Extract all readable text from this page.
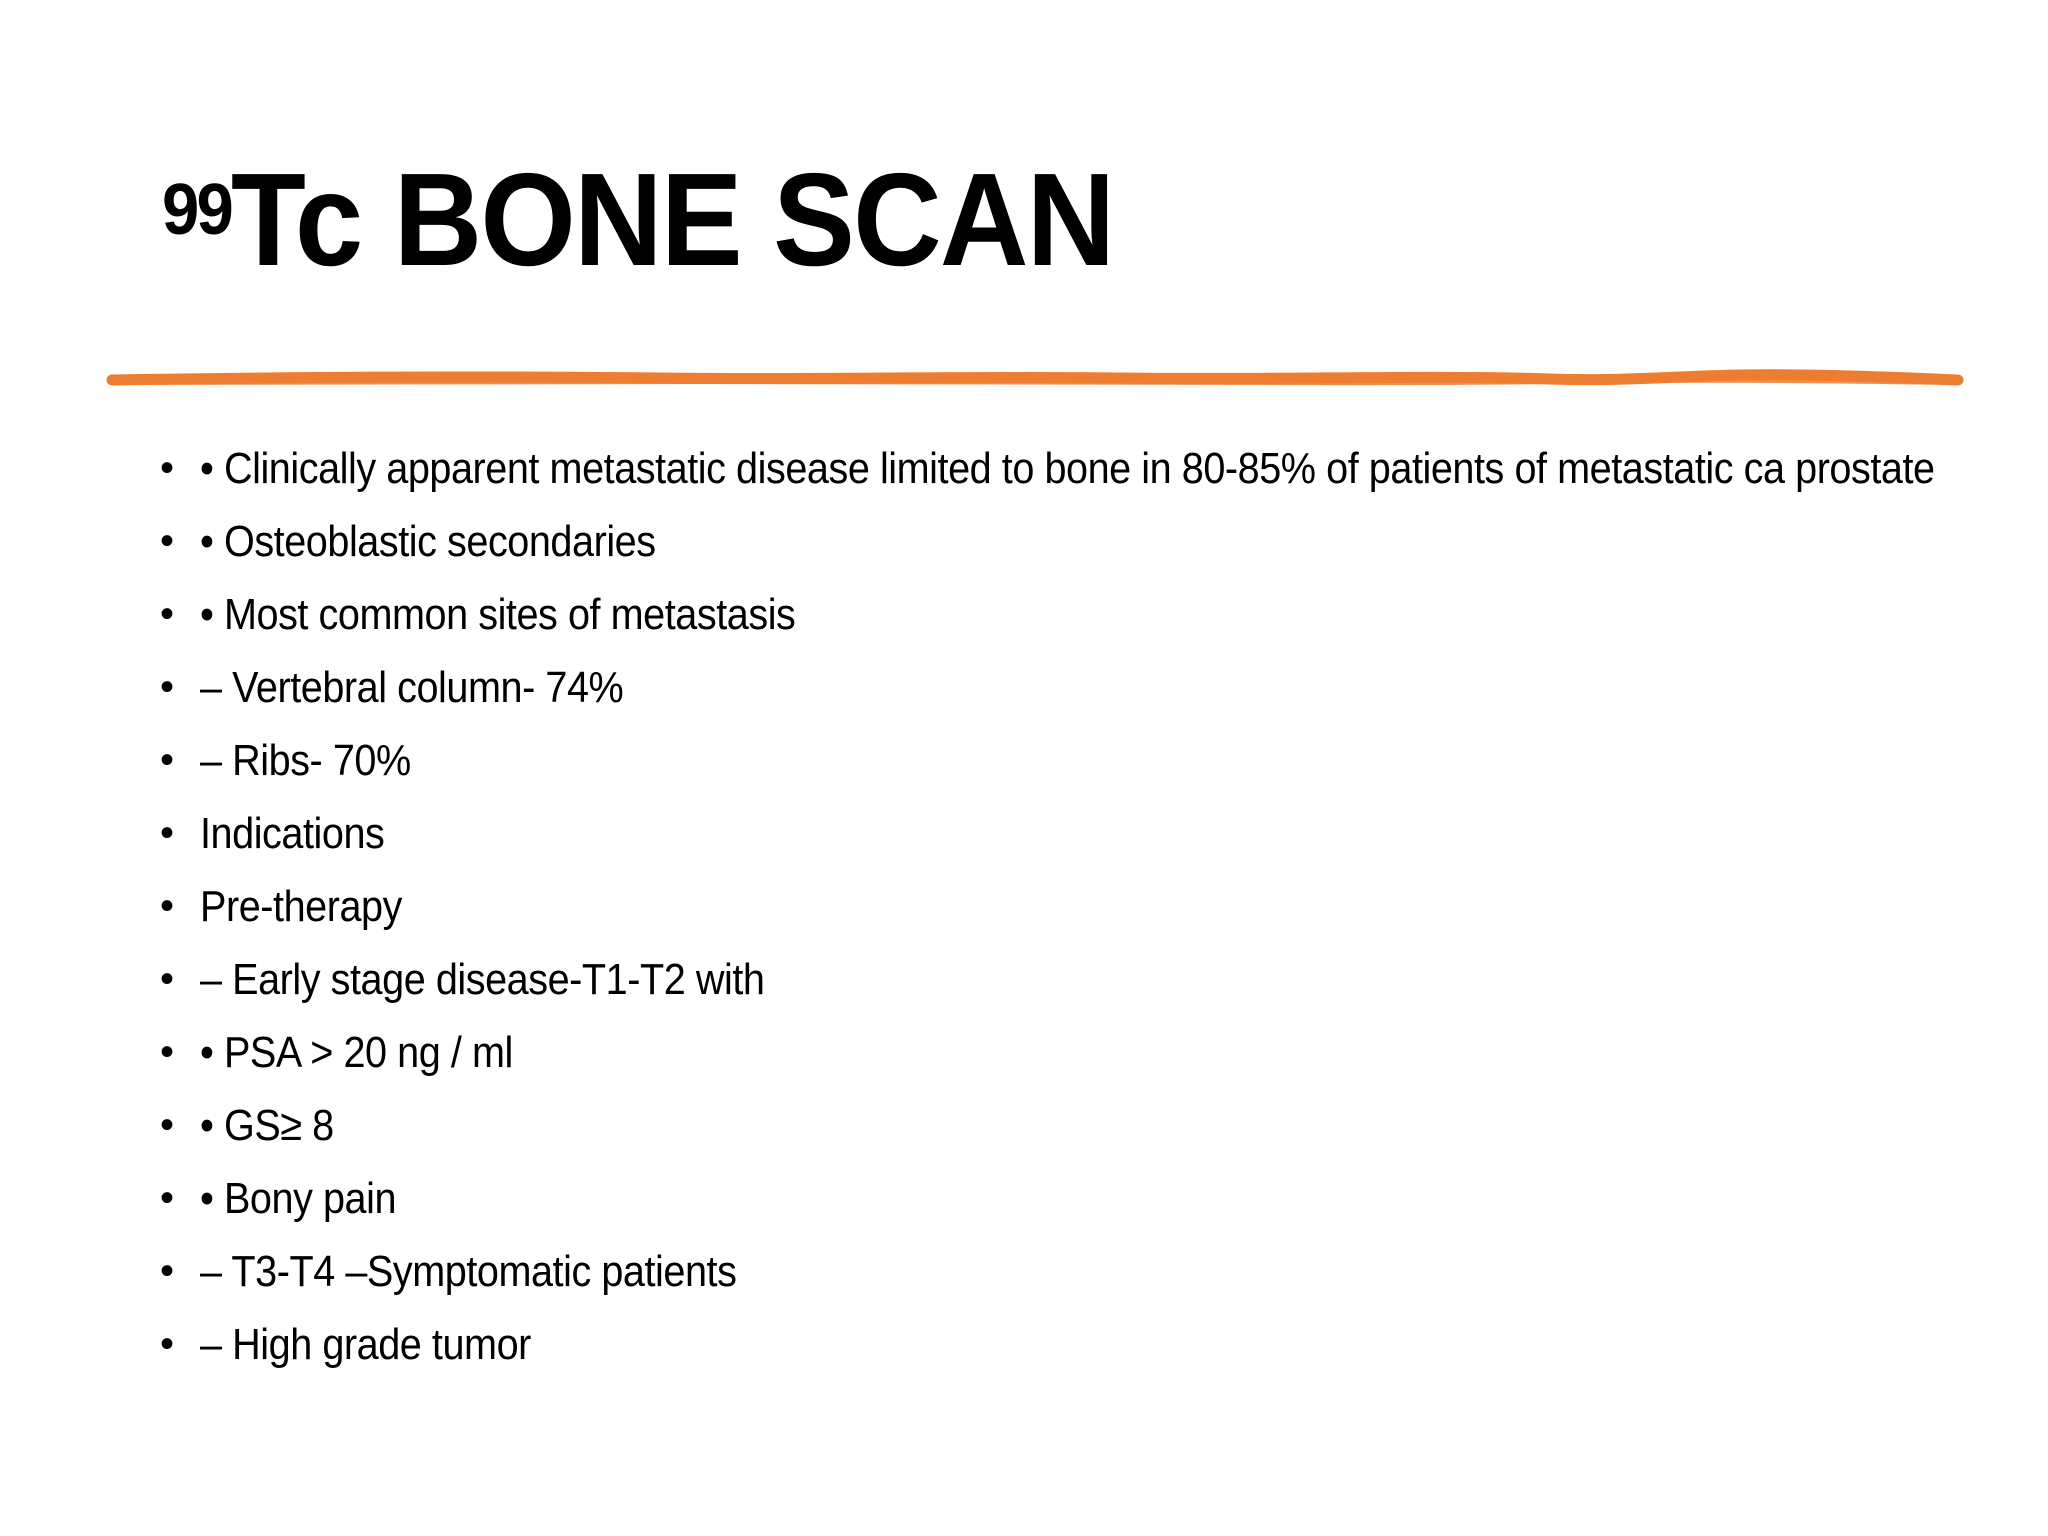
$^{99}$Tc BONE SCAN
• • Clinically apparent metastatic disease limited to bone in 80-85% of patients of metastatic ca prostate
• • Osteoblastic secondaries
• • Most common sites of metastasis
• – Vertebral column- 74%
• – Ribs- 70%
• Indications
• Pre-therapy
• – Early stage disease-T1-T2 with
• • PSA > 20 ng / ml
• • GS≥ 8
• • Bony pain
• – T3-T4 –Symptomatic patients
• – High grade tumor
